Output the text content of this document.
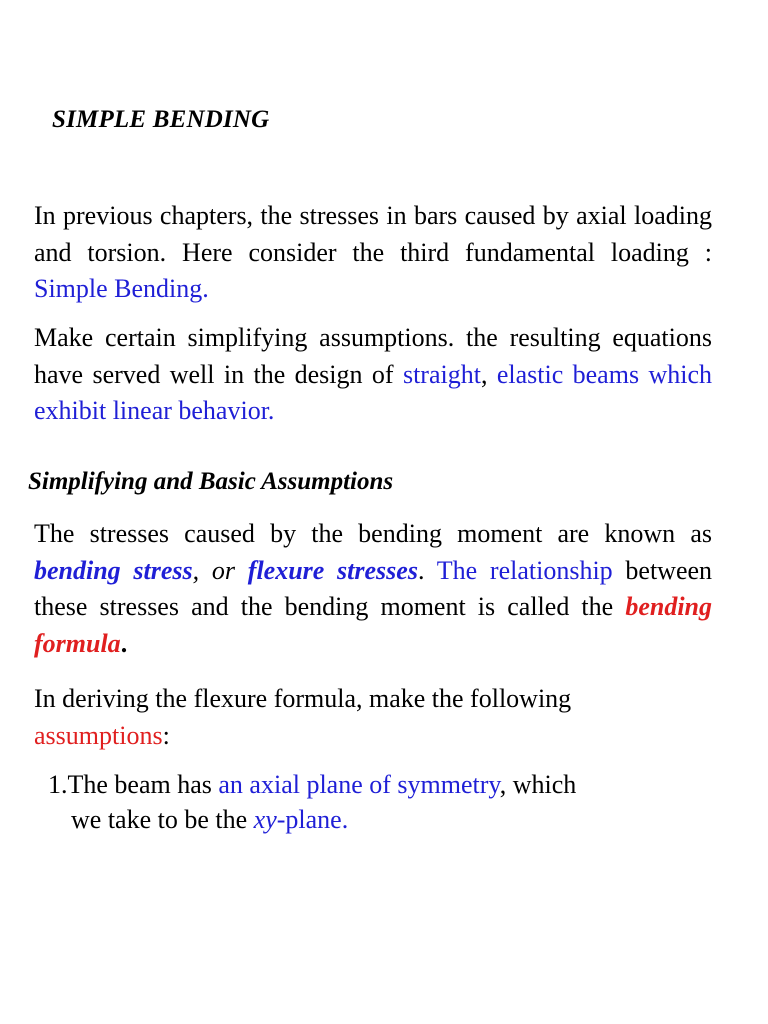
SIMPLE BENDING
In previous chapters, the stresses in bars caused by axial loading and torsion. Here consider the third fundamental loading : Simple Bending.
Make certain simplifying assumptions. the resulting equations have served well in the design of straight, elastic beams which exhibit linear behavior.
Simplifying and Basic Assumptions
The stresses caused by the bending moment are known as bending stress, or flexure stresses. The relationship between these stresses and the bending moment is called the bending formula.
In deriving the flexure formula, make the following assumptions:
1.The beam has an axial plane of symmetry, which
we take to be the xy-plane.
